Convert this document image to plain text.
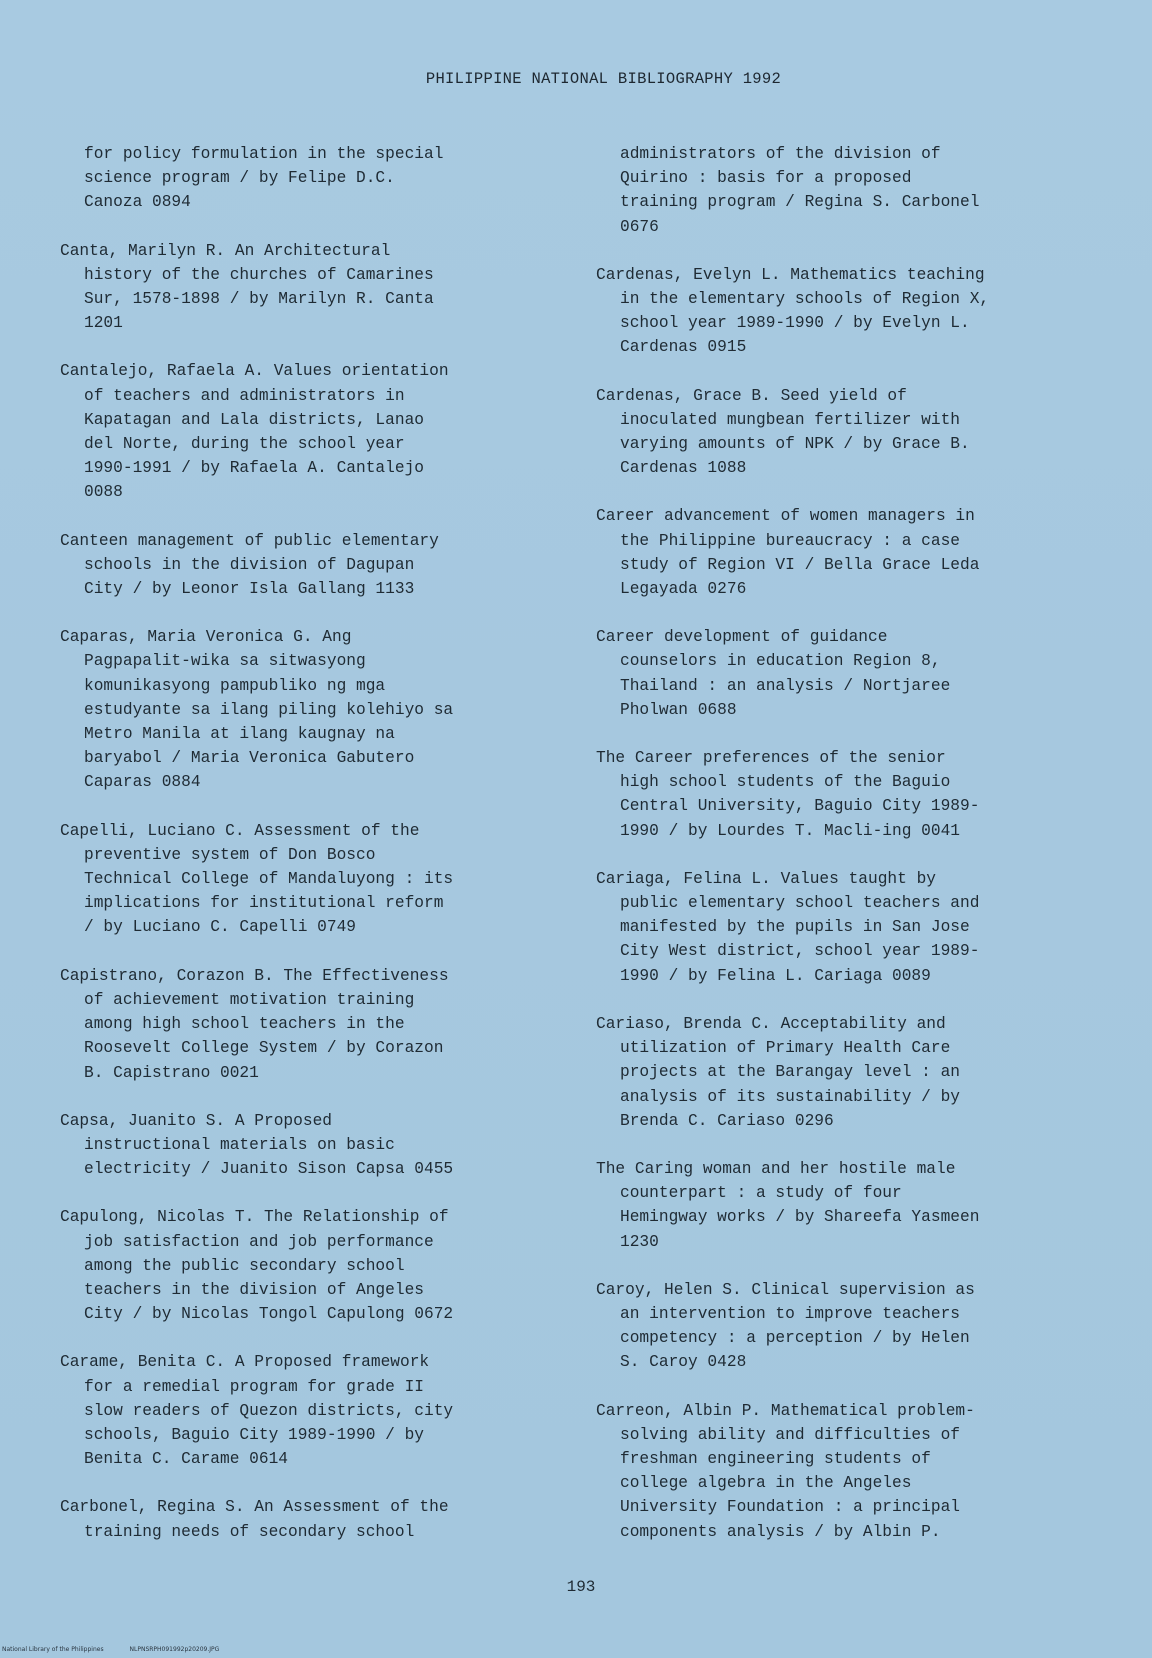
PHILIPPINE NATIONAL BIBLIOGRAPHY 1992
for policy formulation in the special
science program / by Felipe D.C.
Canoza 0894
Canta, Marilyn R. An Architectural
history of the churches of Camarines
Sur, 1578-1898 / by Marilyn R. Canta
1201
Cantalejo, Rafaela A. Values orientation
of teachers and administrators in
Kapatagan and Lala districts, Lanao
del Norte, during the school year
1990-1991 / by Rafaela A. Cantalejo
0088
Canteen management of public elementary
schools in the division of Dagupan
City / by Leonor Isla Gallang 1133
Caparas, Maria Veronica G. Ang
Pagpapalit-wika sa sitwasyong
komunikasyong pampubliko ng mga
estudyante sa ilang piling kolehiyo sa
Metro Manila at ilang kaugnay na
baryabol / Maria Veronica Gabutero
Caparas 0884
Capelli, Luciano C. Assessment of the
preventive system of Don Bosco
Technical College of Mandaluyong : its
implications for institutional reform
/ by Luciano C. Capelli 0749
Capistrano, Corazon B. The Effectiveness
of achievement motivation training
among high school teachers in the
Roosevelt College System / by Corazon
B. Capistrano 0021
Capsa, Juanito S. A Proposed
instructional materials on basic
electricity / Juanito Sison Capsa 0455
Capulong, Nicolas T. The Relationship of
job satisfaction and job performance
among the public secondary school
teachers in the division of Angeles
City / by Nicolas Tongol Capulong 0672
Carame, Benita C. A Proposed framework
for a remedial program for grade II
slow readers of Quezon districts, city
schools, Baguio City 1989-1990 / by
Benita C. Carame 0614
Carbonel, Regina S. An Assessment of the
training needs of secondary school
administrators of the division of
Quirino : basis for a proposed
training program / Regina S. Carbonel
0676
Cardenas, Evelyn L. Mathematics teaching
in the elementary schools of Region X,
school year 1989-1990 / by Evelyn L.
Cardenas 0915
Cardenas, Grace B. Seed yield of
inoculated mungbean fertilizer with
varying amounts of NPK / by Grace B.
Cardenas 1088
Career advancement of women managers in
the Philippine bureaucracy : a case
study of Region VI / Bella Grace Leda
Legayada 0276
Career development of guidance
counselors in education Region 8,
Thailand : an analysis / Nortjaree
Pholwan 0688
The Career preferences of the senior
high school students of the Baguio
Central University, Baguio City 1989-
1990 / by Lourdes T. Macli-ing 0041
Cariaga, Felina L. Values taught by
public elementary school teachers and
manifested by the pupils in San Jose
City West district, school year 1989-
1990 / by Felina L. Cariaga 0089
Cariaso, Brenda C. Acceptability and
utilization of Primary Health Care
projects at the Barangay level : an
analysis of its sustainability / by
Brenda C. Cariaso 0296
The Caring woman and her hostile male
counterpart : a study of four
Hemingway works / by Shareefa Yasmeen
1230
Caroy, Helen S. Clinical supervision as
an intervention to improve teachers
competency : a perception / by Helen
S. Caroy 0428
Carreon, Albin P. Mathematical problem-
solving ability and difficulties of
freshman engineering students of
college algebra in the Angeles
University Foundation : a principal
components analysis / by Albin P.
193
National Library of the Philippines	NLPNSRPH091992p20209.JPG
